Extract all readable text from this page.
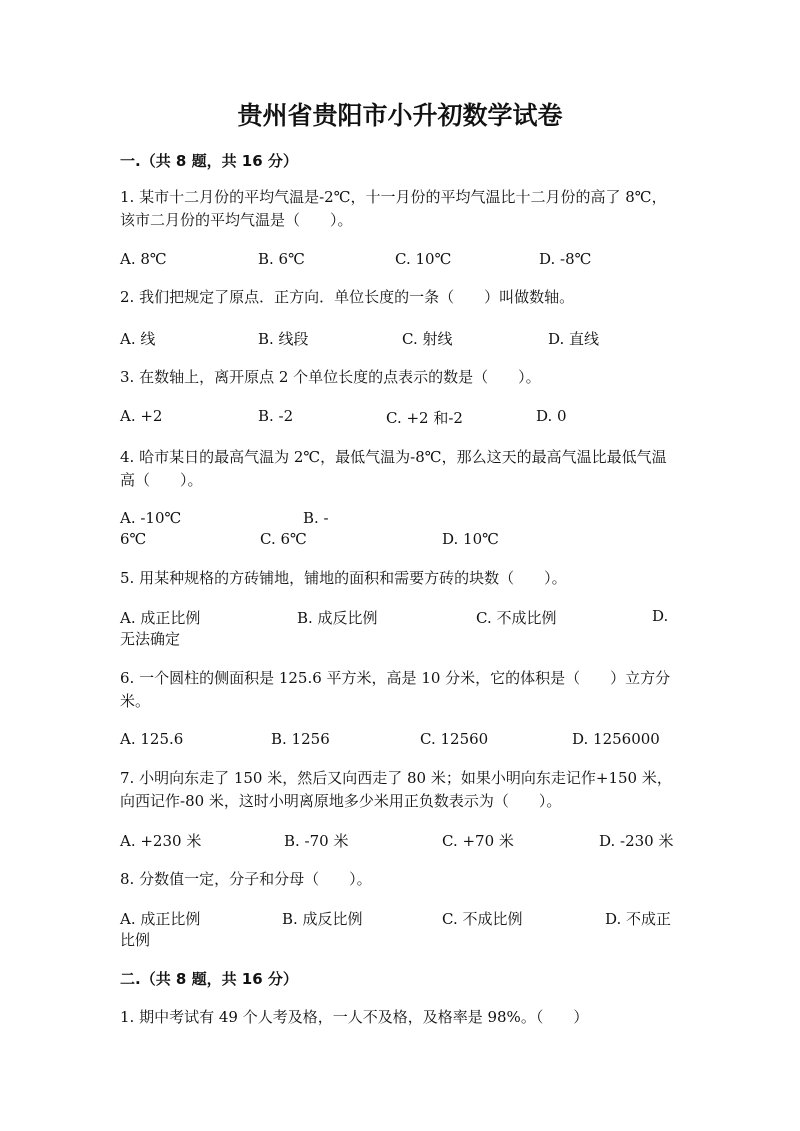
贵州省贵阳市小升初数学试卷
一.（共 8 题，共 16 分）
1. 某市十二月份的平均气温是-2℃，十一月份的平均气温比十二月份的高了 8℃，该市二月份的平均气温是（　　）。
A. 8℃	B. 6℃	C. 10℃	D. -8℃
2. 我们把规定了原点．正方向．单位长度的一条（　　）叫做数轴。
A. 线	B. 线段	C. 射线	D. 直线
3. 在数轴上，离开原点 2 个单位长度的点表示的数是（　　）。
A. +2	B. -2	C. +2 和-2	D. 0
4. 哈市某日的最高气温为 2℃，最低气温为-8℃，那么这天的最高气温比最低气温高（　　）。
A. -10℃	B. -
6℃	C. 6℃	D. 10℃
5. 用某种规格的方砖铺地，铺地的面积和需要方砖的块数（　　）。
A. 成正比例	B. 成反比例	C. 不成比例	D.
无法确定
6. 一个圆柱的侧面积是 125.6 平方米，高是 10 分米，它的体积是（　　）立方分米。
A. 125.6	B. 1256	C. 12560	D. 1256000
7. 小明向东走了 150 米，然后又向西走了 80 米；如果小明向东走记作+150 米，向西记作-80 米，这时小明离原地多少米用正负数表示为（　　）。
A. +230 米	B. -70 米	C. +70 米	D. -230 米
8. 分数值一定，分子和分母（　　）。
A. 成正比例	B. 成反比例	C. 不成比例	D. 不成正
比例
二.（共 8 题，共 16 分）
1. 期中考试有 49 个人考及格，一人不及格，及格率是 98%。（　　）
